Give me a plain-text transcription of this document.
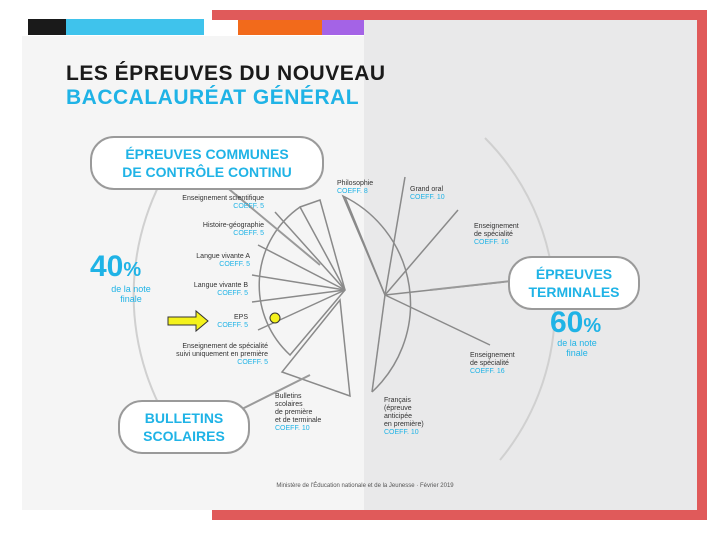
LES ÉPREUVES DU NOUVEAU
BACCALAURÉAT GÉNÉRAL
ÉPREUVES COMMUNES
DE CONTRÔLE CONTINU
ÉPREUVES
TERMINALES
BULLETINS
SCOLAIRES
40%
de la note
finale
60%
de la note
finale
Enseignement scientifique
COEFF. 5
Histoire-géographie
COEFF. 5
Langue vivante A
COEFF. 5
Langue vivante B
COEFF. 5
EPS
COEFF. 5
Enseignement de spécialité
suivi uniquement en première
COEFF. 5
Bulletins
scolaires
de première
et de terminale
COEFF. 10
Philosophie
COEFF. 8	Grand oral
COEFF. 10
Enseignement
de spécialité
COEFF. 16
Enseignement
de spécialité
COEFF. 16
Français
(épreuve
anticipée
en première)
COEFF. 10
Ministère de l'Éducation nationale et de la Jeunesse · Février 2019
